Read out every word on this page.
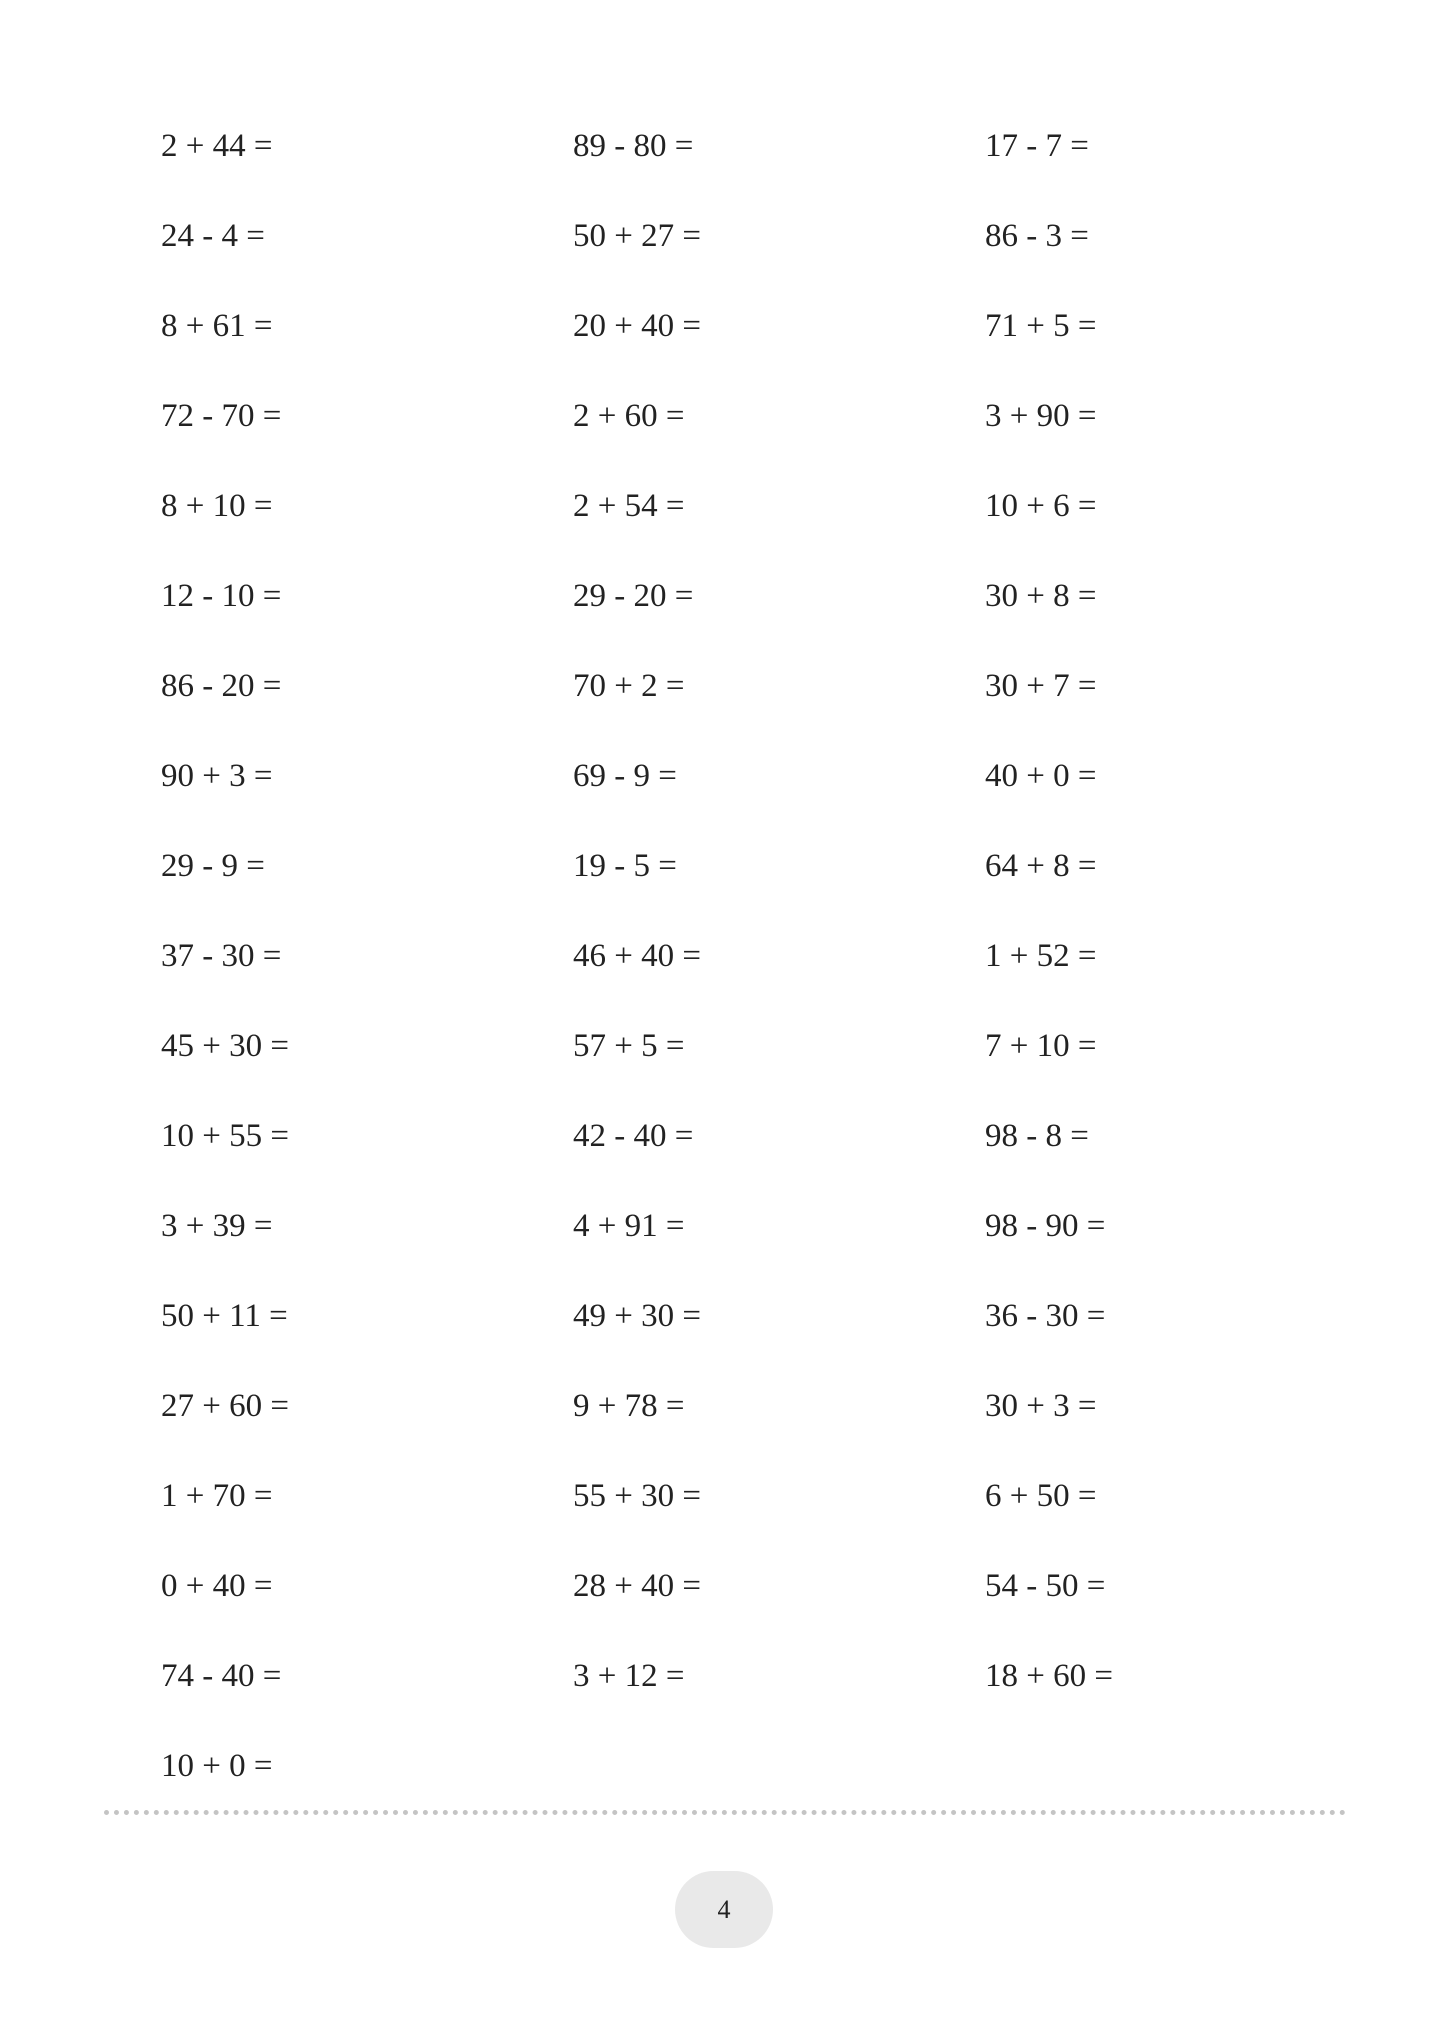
2 + 44 =
24 - 4 =
8 + 61 =
72 - 70 =
8 + 10 =
12 - 10 =
86 - 20 =
90 + 3 =
29 - 9 =
37 - 30 =
45 + 30 =
10 + 55 =
3 + 39 =
50 + 11 =
27 + 60 =
1 + 70 =
0 + 40 =
74 - 40 =
10 + 0 =
89 - 80 =
50 + 27 =
20 + 40 =
2 + 60 =
2 + 54 =
29 - 20 =
70 + 2 =
69 - 9 =
19 - 5 =
46 + 40 =
57 + 5 =
42 - 40 =
4 + 91 =
49 + 30 =
9 + 78 =
55 + 30 =
28 + 40 =
3 + 12 =
17 - 7 =
86 - 3 =
71 + 5 =
3 + 90 =
10 + 6 =
30 + 8 =
30 + 7 =
40 + 0 =
64 + 8 =
1 + 52 =
7 + 10 =
98 - 8 =
98 - 90 =
36 - 30 =
30 + 3 =
6 + 50 =
54 - 50 =
18 + 60 =
4
